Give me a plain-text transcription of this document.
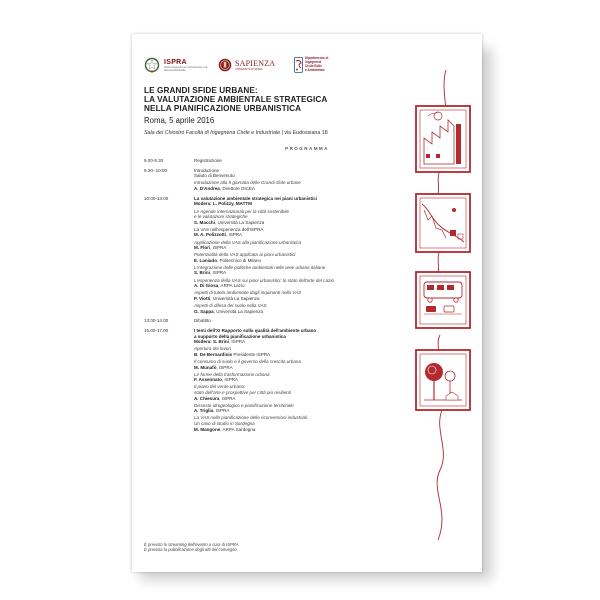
ISPRA
Istituto Superiore per la Protezione e la Ricerca Ambientale
SAPIENZA
UNIVERSITÀ DI ROMA
Dipartimento di Ingegneria
Civile Edile
e Ambientale
LE GRANDI SFIDE URBANE:
LA VALUTAZIONE AMBIENTALE STRATEGICA
NELLA PIANIFICAZIONE URBANISTICA
Roma, 5 aprile 2016
Sala del Chiostro Facoltà di Ingegneria Civile e Industriale | via Eudossiana 18
PROGRAMMA
9.00-9.30	Registrazione
9.30- 10:00	Introduzione
Saluto di Benvenuto
Introduzione alla II giornata delle Grandi sfide urbane
A. D'Andrea, Direttore DICEA
10:00-13.00	La valutazione ambientale strategica nei piani urbanistici
Modera: L. Polizzy, MATTM
Le Agende internazionali per la città sostenibile
e le valutazioni strategiche
S. Macchi, Università La Sapienza
La VAS nell'esperienza dell'ISPRA
M. A. Polizzotti, ISPRA
Applicazione della VAS alla pianificazione urbanistica
M. Flori, ISPRA
Potenzialità della VAS applicata ai piani urbanistici
E. Laniado, Politecnico di Milano
L'integrazione delle politiche ambientali nelle aree urbane italiane
S. Brini, ISPRA
L'esperienza della VAS sui piani urbanistici: lo stato dell'arte del Lazio
A. Di Giosa, ARPA Lazio
Aspetti di tutela ambientale dagli inquinanti nella VAS
P. Viotti, Università La Sapienza
Aspetti di difesa del suolo nella VAS
G. Sappa, Università La Sapienza
13:00-14.00	Dibattito
15.00-17.00	I temi dell'XI Rapporto sulla qualità dell'ambiente urbano
a supporto della pianificazione urbanistica
Modera: S. Brini, ISPRA
Apertura dei lavori
B. De Bernardinis Presidente ISPRA
Il consumo di suolo e il governo della crescita urbana
M. Munafò, ISPRA
Le forme della trasformazione urbana
F. Assennato, ISPRA
Il piano del verde urbano:
stato dell'arte e prospettive per città più resilienti
A. Chiesura, ISPRA
Dissesto idrogeologico e pianificazione territoriale
A. Triglia, ISPRA
La VAS nella pianificazione delle riconversioni industriali.
Un caso di studio in Sardegna
M. Mangone, ARPA Sardegna
È previsto lo streaming dell'evento a cura di ISPRA
È prevista la pubblicazione degli atti del convegno
